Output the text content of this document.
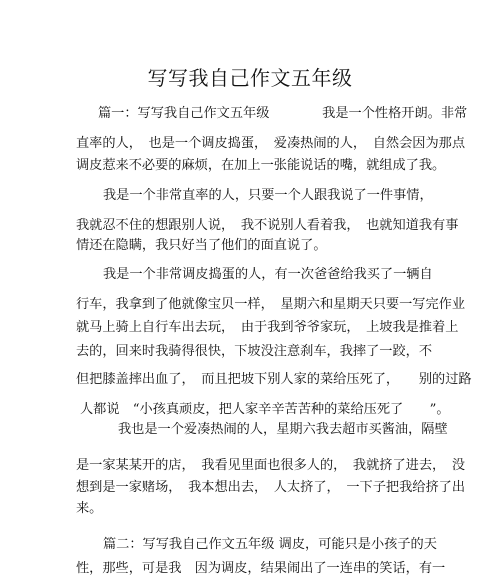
写写我自己作文五年级

篇一：写写我自己作文五年级　　　　我是一个性格开朗。非常

直率的人，　也是一个调皮捣蛋，　爱凑热闹的人，　自然会因为那点

调皮惹来不必要的麻烦，在加上一张能说话的嘴，就组成了我。

我是一个非常直率的人，只要一个人跟我说了一件事情，

我就忍不住的想跟别人说，　我不说别人看着我，　也就知道我有事

情还在隐瞒，我只好当了他们的面直说了。

我是一个非常调皮捣蛋的人，有一次爸爸给我买了一辆自

行车，我拿到了他就像宝贝一样，　星期六和星期天只要一写完作业

就马上骑上自行车出去玩，　由于我到爷爷家玩，　上坡我是推着上

去的，回来时我骑得很快，下坡没注意刹车，我摔了一跤，不

但把膝盖摔出血了，　而且把坡下别人家的菜给压死了，　　别的过路

人都说　“小孩真顽皮，把人家辛辛苦苦种的菜给压死了　　”。

我也是一个爱凑热闹的人，星期六我去超市买酱油，隔壁

是一家某某开的店，　我看见里面也很多人的，　我就挤了进去，　没

想到是一家赌场，　我本想出去，　人太挤了，　一下子把我给挤了出

来。

篇二：写写我自己作文五年级 调皮，可能只是小孩子的天

性，那些，可是我　因为调皮，结果闹出了一连串的笑话，有一
